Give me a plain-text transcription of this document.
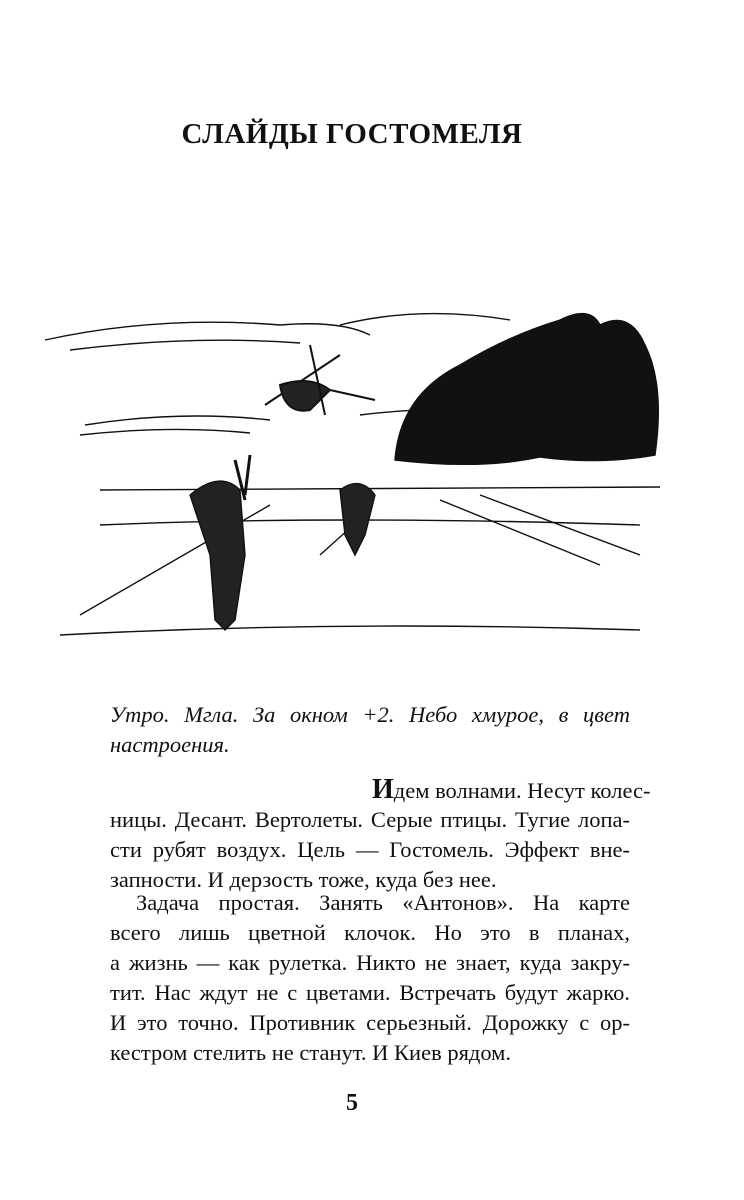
СЛАЙДЫ ГОСТОМЕЛЯ
Утро. Мгла. За окном +2. Небо хмурое, в цвет
настроения.
Идем волнами. Несут колес-
ницы. Десант. Вертолеты. Серые птицы. Тугие лопа-
сти рубят воздух. Цель — Гостомель. Эффект вне-
запности. И дерзость тоже, куда без нее.
Задача простая. Занять «Антонов». На карте
всего лишь цветной клочок. Но это в планах,
а жизнь — как рулетка. Никто не знает, куда закру-
тит. Нас ждут не с цветами. Встречать будут жарко.
И это точно. Противник серьезный. Дорожку с ор-
кестром стелить не станут. И Киев рядом.
5
